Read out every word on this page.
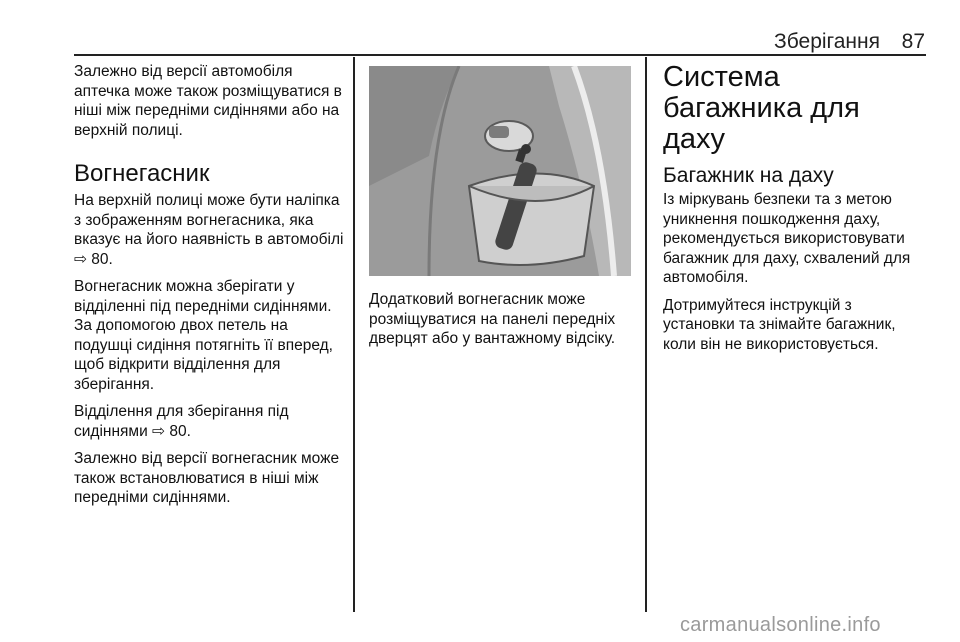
Зберігання	87

Залежно від версії автомобіля аптечка може також розміщуватися в ніші між передніми сидіннями або на верхній полиці.

Вогнегасник

На верхній полиці може бути наліпка з зображенням вогнегасника, яка вказує на його наявність в автомобілі ⇨ 80.

Вогнегасник можна зберігати у відділенні під передніми сидіннями. За допомогою двох петель на подушці сидіння потягніть її вперед, щоб відкрити відділення для зберігання.

Відділення для зберігання під сидіннями ⇨ 80.

Залежно від версії вогнегасник може також встановлюватися в ніші між передніми сидіннями.

Додатковий вогнегасник може розміщуватися на панелі передніх дверцят або у вантажному відсіку.

Система багажника для даху
Багажник на даху

Із міркувань безпеки та з метою уникнення пошкодження даху, рекомендується використовувати багажник для даху, схвалений для автомобіля.

Дотримуйтеся інструкцій з установки та знімайте багажник, коли він не використовується.

carmanualsonline.info
